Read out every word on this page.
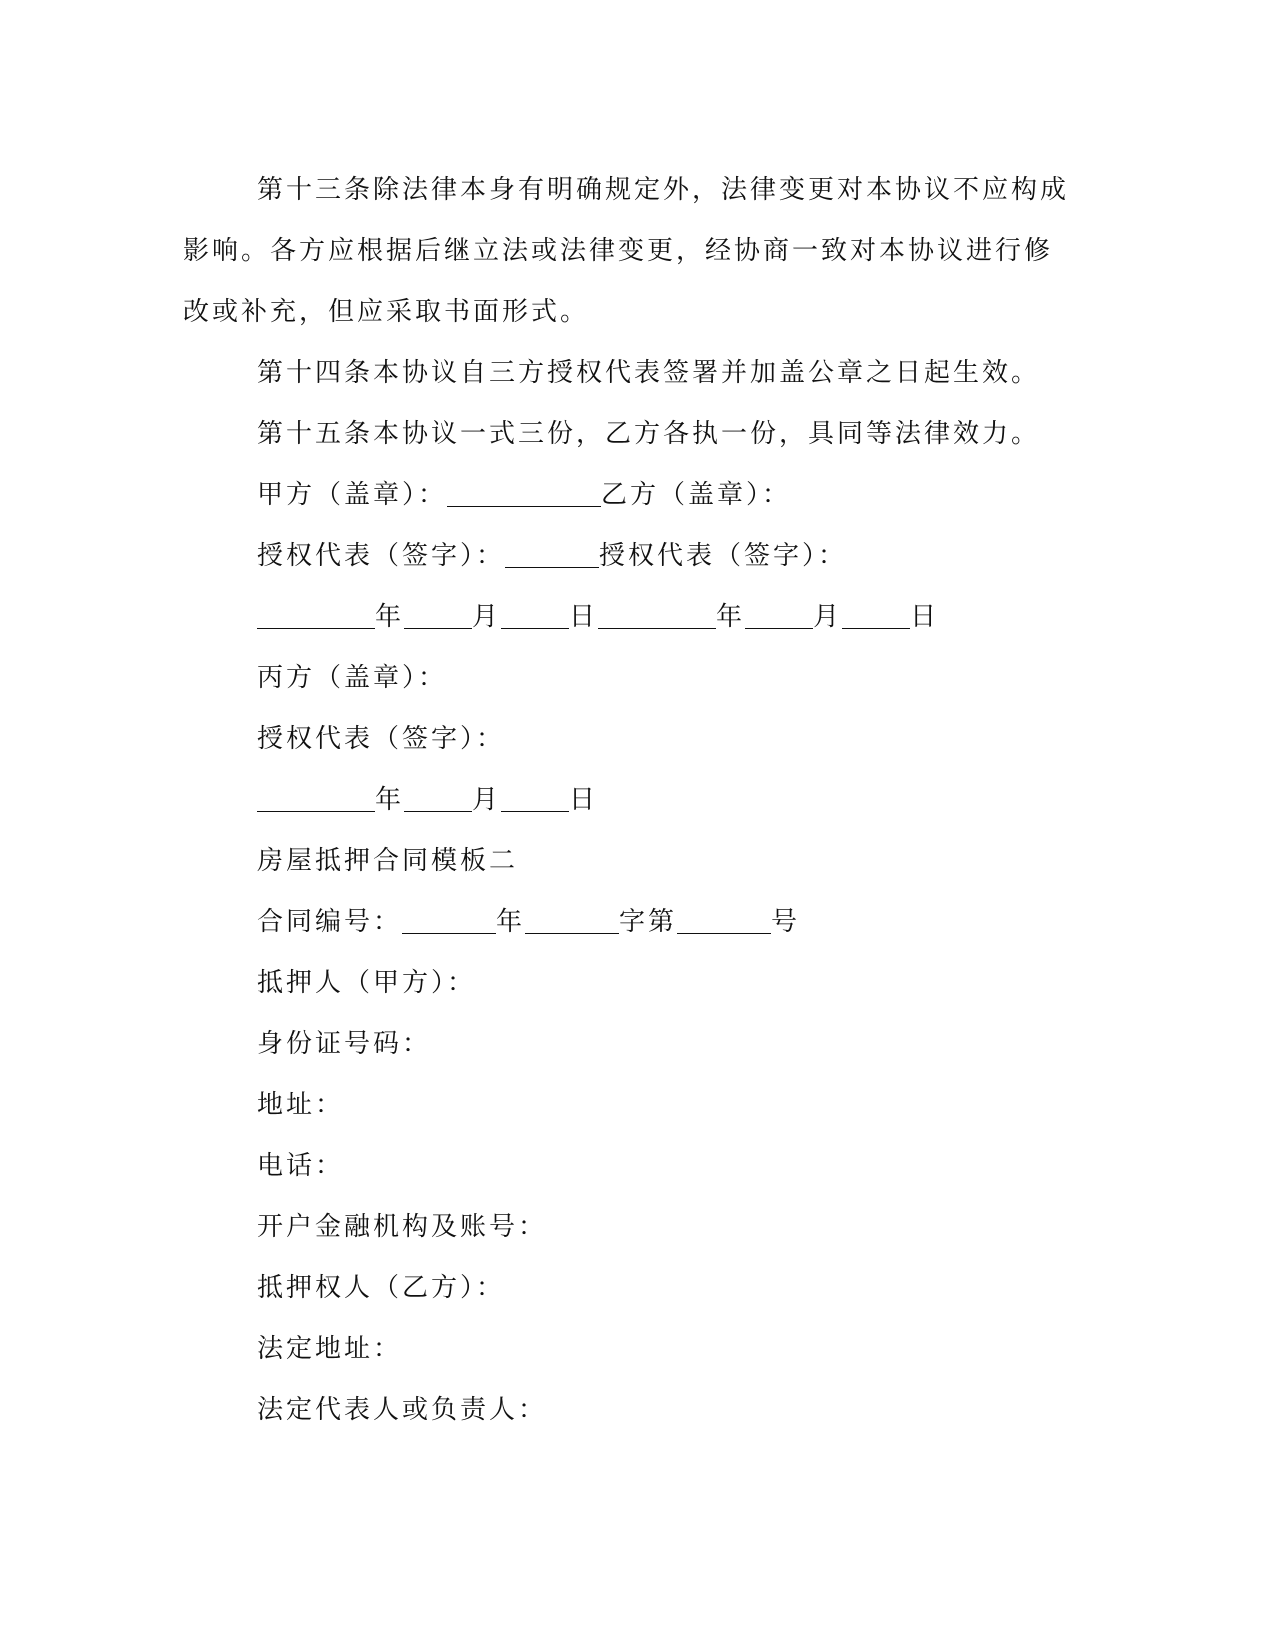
第十三条除法律本身有明确规定外，法律变更对本协议不应构成
影响。各方应根据后继立法或法律变更，经协商一致对本协议进行修
改或补充，但应采取书面形式。
第十四条本协议自三方授权代表签署并加盖公章之日起生效。
第十五条本协议一式三份，乙方各执一份，具同等法律效力。
甲方（盖章）：	乙方（盖章）：
授权代表（签字）：	授权代表（签字）：
年	月	日	年	月	日
丙方（盖章）：
授权代表（签字）：
年	月	日
房屋抵押合同模板二
合同编号：	年	字第	号
抵押人（甲方）：
身份证号码：
地址：
电话：
开户金融机构及账号：
抵押权人（乙方）：
法定地址：
法定代表人或负责人：
